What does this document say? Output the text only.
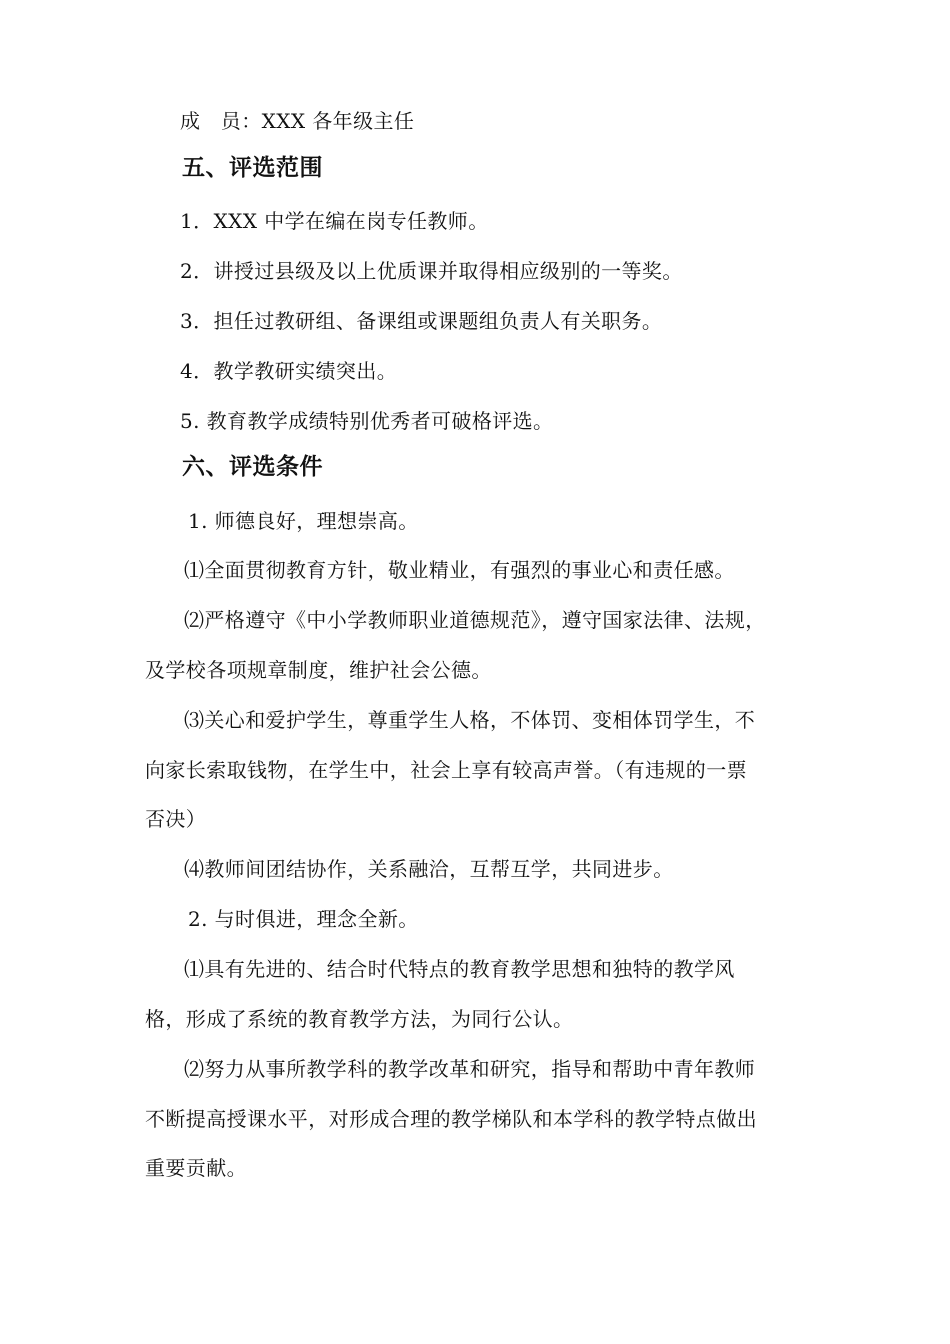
成　员：XXX 各年级主任
五、评选范围
1．XXX 中学在编在岗专任教师。
2．讲授过县级及以上优质课并取得相应级别的一等奖。
3．担任过教研组、备课组或课题组负责人有关职务。
4．教学教研实绩突出。
5. 教育教学成绩特别优秀者可破格评选。
六、评选条件
1. 师德良好，理想崇高。
⑴全面贯彻教育方针，敬业精业，有强烈的事业心和责任感。
⑵严格遵守《中小学教师职业道德规范》，遵守国家法律、法规，
及学校各项规章制度，维护社会公德。
⑶关心和爱护学生，尊重学生人格，不体罚、变相体罚学生，不
向家长索取钱物，在学生中，社会上享有较高声誉。（有违规的一票
否决）
⑷教师间团结协作，关系融洽，互帮互学，共同进步。
2. 与时俱进，理念全新。
⑴具有先进的、结合时代特点的教育教学思想和独特的教学风
格，形成了系统的教育教学方法，为同行公认。
⑵努力从事所教学科的教学改革和研究，指导和帮助中青年教师
不断提高授课水平，对形成合理的教学梯队和本学科的教学特点做出
重要贡献。
